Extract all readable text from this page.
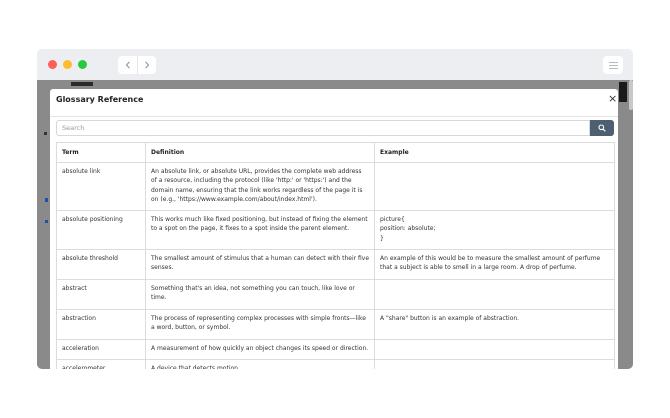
Glossary Reference	×
Search
Term	Definition	Example
absolute link	An absolute link, or absolute URL, provides the complete web address of a resource, including the protocol (like 'http:' or 'https:') and the domain name, ensuring that the link works regardless of the page it is on (e.g., 'https://www.example.com/about/index.html').	
absolute positioning	This works much like fixed positioning, but instead of fixing the element to a spot on the page, it fixes to a spot inside the parent element.	picture{
position: absolute;
}

absolute threshold	The smallest amount of stimulus that a human can detect with their five senses.	An example of this would be to measure the smallest amount of perfume that a subject is able to smell in a large room. A drop of perfume.
abstract	Something that's an idea, not something you can touch, like love or time.	
abstraction	The process of representing complex processes with simple fronts—like a word, button, or symbol.	A "share" button is an example of abstraction.
acceleration	A measurement of how quickly an object changes its speed or direction.	
accelerometer	A device that detects motion.	
